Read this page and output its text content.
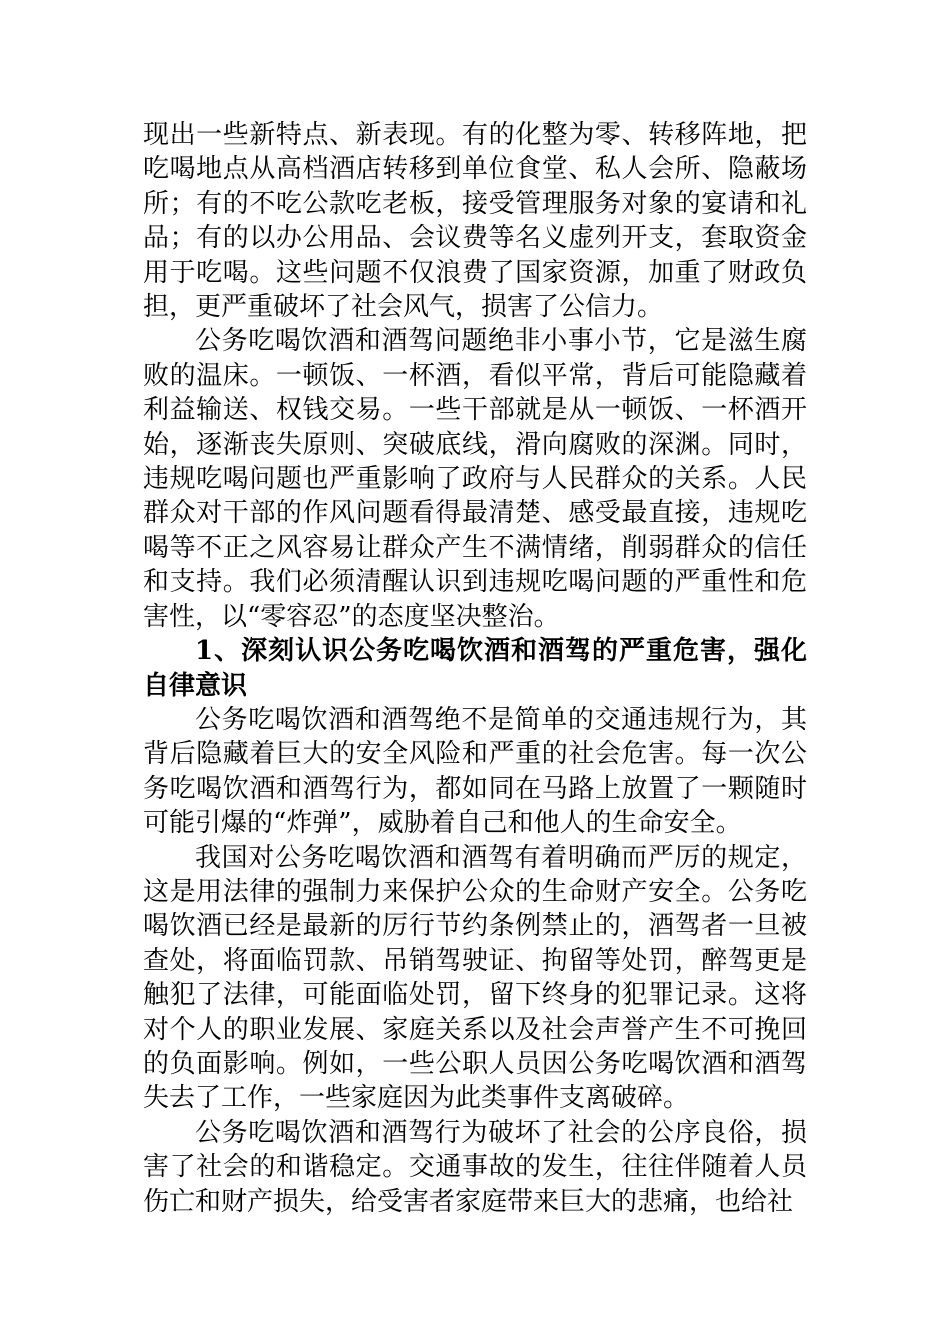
现出一些新特点、新表现。有的化整为零、转移阵地，把吃喝地点从高档酒店转移到单位食堂、私人会所、隐蔽场所；有的不吃公款吃老板，接受管理服务对象的宴请和礼品；有的以办公用品、会议费等名义虚列开支，套取资金用于吃喝。这些问题不仅浪费了国家资源，加重了财政负担，更严重破坏了社会风气，损害了公信力。

公务吃喝饮酒和酒驾问题绝非小事小节，它是滋生腐败的温床。一顿饭、一杯酒，看似平常，背后可能隐藏着利益输送、权钱交易。一些干部就是从一顿饭、一杯酒开始，逐渐丧失原则、突破底线，滑向腐败的深渊。同时，违规吃喝问题也严重影响了政府与人民群众的关系。人民群众对干部的作风问题看得最清楚、感受最直接，违规吃喝等不正之风容易让群众产生不满情绪，削弱群众的信任和支持。我们必须清醒认识到违规吃喝问题的严重性和危害性，以“零容忍”的态度坚决整治。

1、深刻认识公务吃喝饮酒和酒驾的严重危害，强化自律意识

公务吃喝饮酒和酒驾绝不是简单的交通违规行为，其背后隐藏着巨大的安全风险和严重的社会危害。每一次公务吃喝饮酒和酒驾行为，都如同在马路上放置了一颗随时可能引爆的“炸弹”，威胁着自己和他人的生命安全。

我国对公务吃喝饮酒和酒驾有着明确而严厉的规定，这是用法律的强制力来保护公众的生命财产安全。公务吃喝饮酒已经是最新的厉行节约条例禁止的，酒驾者一旦被查处，将面临罚款、吊销驾驶证、拘留等处罚，醉驾更是触犯了法律，可能面临处罚，留下终身的犯罪记录。这将对个人的职业发展、家庭关系以及社会声誉产生不可挽回的负面影响。例如，一些公职人员因公务吃喝饮酒和酒驾失去了工作，一些家庭因为此类事件支离破碎。

公务吃喝饮酒和酒驾行为破坏了社会的公序良俗，损害了社会的和谐稳定。交通事故的发生，往往伴随着人员伤亡和财产损失，给受害者家庭带来巨大的悲痛，也给社
